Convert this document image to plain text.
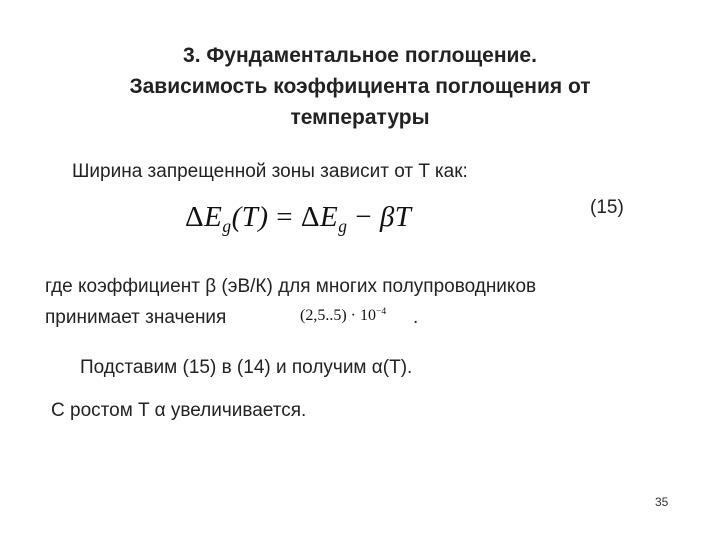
3. Фундаментальное поглощение.
Зависимость коэффициента поглощения от
температуры
Ширина запрещенной зоны зависит от T как:
$\Delta E_g(T) = \Delta E_g - \beta T$	(15)
где коэффициент β (эВ/К) для многих полупроводников
принимает значения	$(2,5..5) \cdot 10^{-4}$ .
Подставим (15) в (14) и получим α(T).
С ростом T α увеличивается.
35
